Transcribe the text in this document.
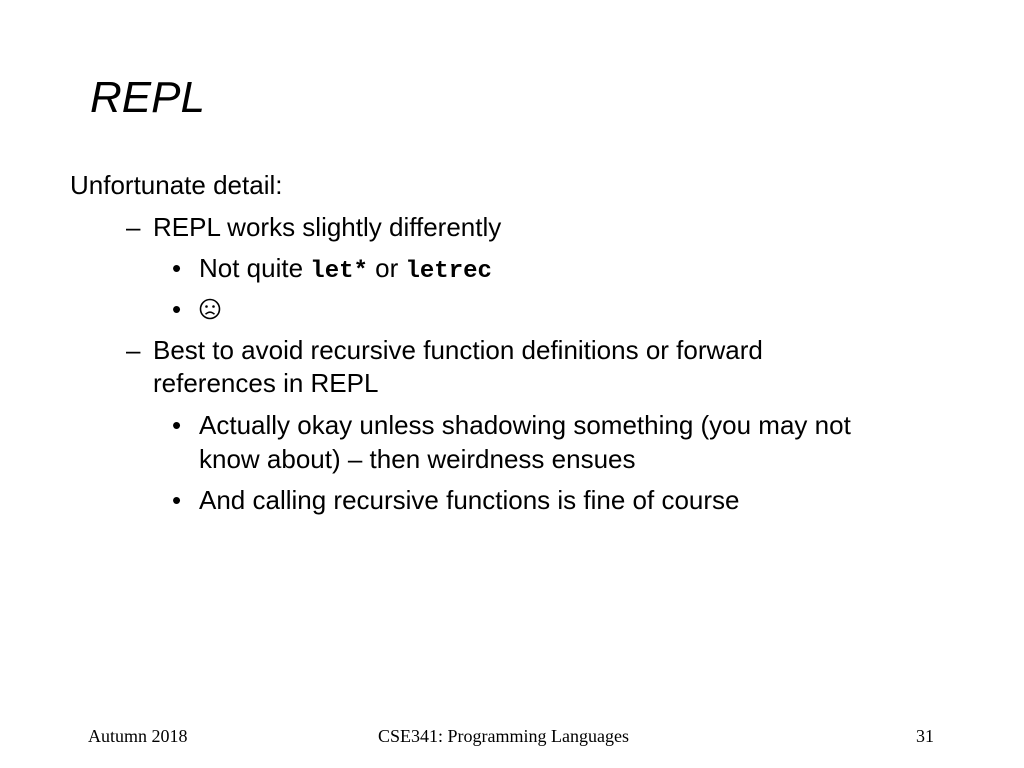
REPL
Unfortunate detail:
– REPL works slightly differently
• Not quite let* or letrec
•
– Best to avoid recursive function definitions or forward
references in REPL
• Actually okay unless shadowing something (you may not
know about) – then weirdness ensues
• And calling recursive functions is fine of course
Autumn 2018	CSE341: Programming Languages	31
